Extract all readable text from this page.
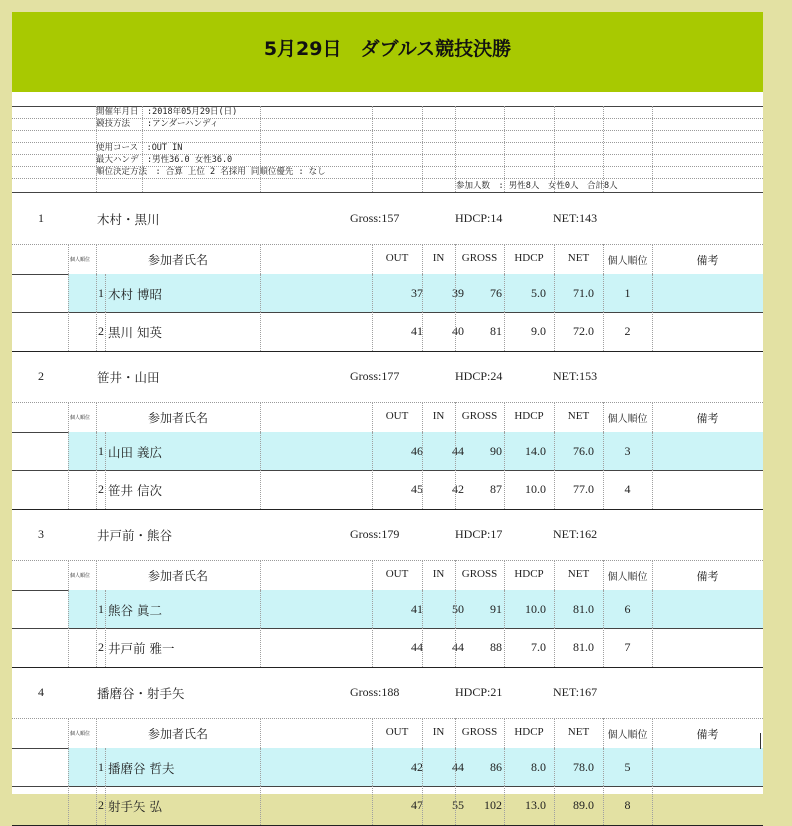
5月29日　ダブルス競技決勝
開催年月日　:2018年05月29日(日)
競技方法　　:アンダーハンディ
使用コース　:OUT IN
最大ハンデ　:男性36.0 女性36.0
順位決定方法　: 合算 上位 2 名採用 同順位優先 : なし
参加人数　: 男性8人　女性0人　合計8人
1	木村・黒川	Gross:157	HDCP:14	NET:143
個人順位	参加者氏名	OUT	IN	GROSS	HDCP	NET	個人順位	備考
1 木村 博昭	37	39	76	5.0	71.0	1
2 黒川 知英	41	40	81	9.0	72.0	2
2	笹井・山田	Gross:177	HDCP:24	NET:153
個人順位	参加者氏名	OUT	IN	GROSS	HDCP	NET	個人順位	備考
1 山田 義広	46	44	90	14.0	76.0	3
2 笹井 信次	45	42	87	10.0	77.0	4
3	井戸前・熊谷	Gross:179	HDCP:17	NET:162
個人順位	参加者氏名	OUT	IN	GROSS	HDCP	NET	個人順位	備考
1 熊谷 眞二	41	50	91	10.0	81.0	6
2 井戸前 雅一	44	44	88	7.0	81.0	7
4	播磨谷・射手矢	Gross:188	HDCP:21	NET:167
個人順位	参加者氏名	OUT	IN	GROSS	HDCP	NET	個人順位	備考
1 播磨谷 哲夫	42	44	86	8.0	78.0	5
2 射手矢 弘	47	55	102	13.0	89.0	8
